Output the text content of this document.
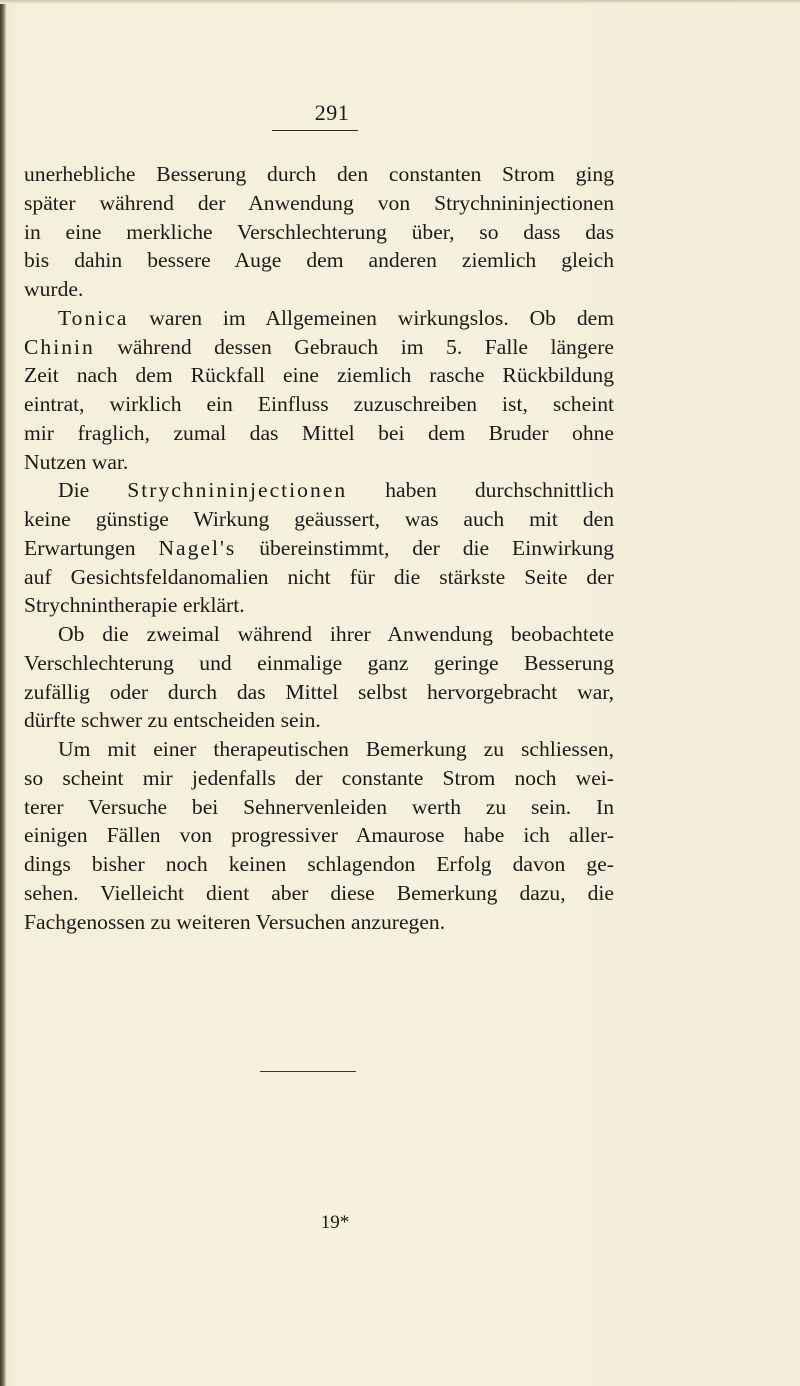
291
unerhebliche Besserung durch den constanten Strom ging
später während der Anwendung von Strychnininjectionen
in eine merkliche Verschlechterung über, so dass das
bis dahin bessere Auge dem anderen ziemlich gleich
wurde.
Tonica waren im Allgemeinen wirkungslos. Ob dem
Chinin während dessen Gebrauch im 5. Falle längere
Zeit nach dem Rückfall eine ziemlich rasche Rückbildung
eintrat, wirklich ein Einfluss zuzuschreiben ist, scheint
mir fraglich, zumal das Mittel bei dem Bruder ohne
Nutzen war.
Die Strychnininjectionen haben durchschnittlich
keine günstige Wirkung geäussert, was auch mit den
Erwartungen Nagel's übereinstimmt, der die Einwirkung
auf Gesichtsfeldanomalien nicht für die stärkste Seite der
Strychnintherapie erklärt.
Ob die zweimal während ihrer Anwendung beobachtete
Verschlechterung und einmalige ganz geringe Besserung
zufällig oder durch das Mittel selbst hervorgebracht war,
dürfte schwer zu entscheiden sein.
Um mit einer therapeutischen Bemerkung zu schliessen,
so scheint mir jedenfalls der constante Strom noch wei-
terer Versuche bei Sehnervenleiden werth zu sein. In
einigen Fällen von progressiver Amaurose habe ich aller-
dings bisher noch keinen schlagendon Erfolg davon ge-
sehen. Vielleicht dient aber diese Bemerkung dazu, die
Fachgenossen zu weiteren Versuchen anzuregen.
19*
